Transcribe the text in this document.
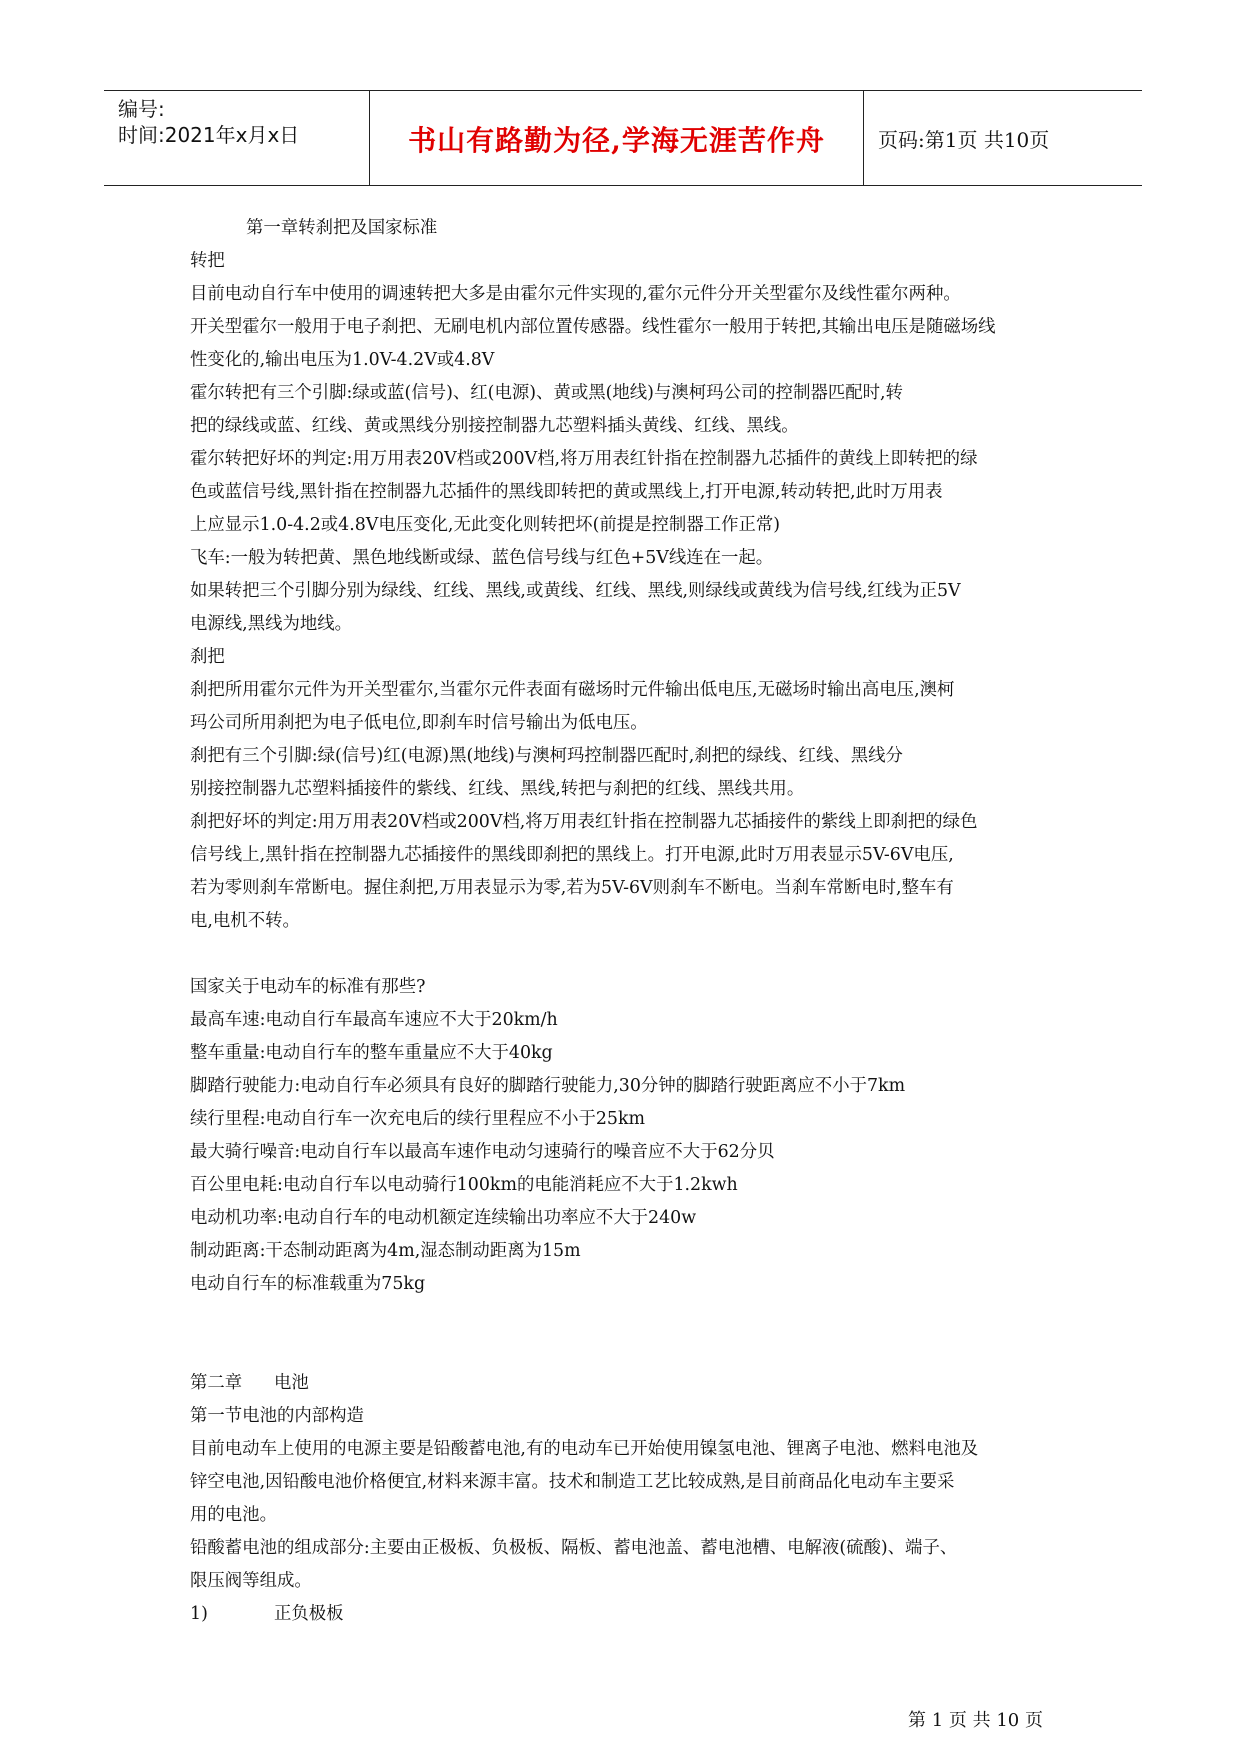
编号:
时间:2021年x月x日	书山有路勤为径,学海无涯苦作舟	页码:第1页 共10页
第一章转刹把及国家标准
转把
目前电动自行车中使用的调速转把大多是由霍尔元件实现的,霍尔元件分开关型霍尔及线性霍尔两种。
开关型霍尔一般用于电子刹把、无刷电机内部位置传感器。线性霍尔一般用于转把,其输出电压是随磁场线
性变化的,输出电压为1.0V-4.2V或4.8V
霍尔转把有三个引脚:绿或蓝(信号)、红(电源)、黄或黑(地线)与澳柯玛公司的控制器匹配时,转
把的绿线或蓝、红线、黄或黑线分别接控制器九芯塑料插头黄线、红线、黑线。
霍尔转把好坏的判定:用万用表20V档或200V档,将万用表红针指在控制器九芯插件的黄线上即转把的绿
色或蓝信号线,黑针指在控制器九芯插件的黑线即转把的黄或黑线上,打开电源,转动转把,此时万用表
上应显示1.0-4.2或4.8V电压变化,无此变化则转把坏(前提是控制器工作正常)
飞车:一般为转把黄、黑色地线断或绿、蓝色信号线与红色+5V线连在一起。
如果转把三个引脚分别为绿线、红线、黑线,或黄线、红线、黑线,则绿线或黄线为信号线,红线为正5V
电源线,黑线为地线。
刹把
刹把所用霍尔元件为开关型霍尔,当霍尔元件表面有磁场时元件输出低电压,无磁场时输出高电压,澳柯
玛公司所用刹把为电子低电位,即刹车时信号输出为低电压。
刹把有三个引脚:绿(信号)红(电源)黑(地线)与澳柯玛控制器匹配时,刹把的绿线、红线、黑线分
别接控制器九芯塑料插接件的紫线、红线、黑线,转把与刹把的红线、黑线共用。
刹把好坏的判定:用万用表20V档或200V档,将万用表红针指在控制器九芯插接件的紫线上即刹把的绿色
信号线上,黑针指在控制器九芯插接件的黑线即刹把的黑线上。打开电源,此时万用表显示5V-6V电压,
若为零则刹车常断电。握住刹把,万用表显示为零,若为5V-6V则刹车不断电。当刹车常断电时,整车有
电,电机不转。
国家关于电动车的标准有那些?
最高车速:电动自行车最高车速应不大于20km/h
整车重量:电动自行车的整车重量应不大于40kg
脚踏行驶能力:电动自行车必须具有良好的脚踏行驶能力,30分钟的脚踏行驶距离应不小于7km
续行里程:电动自行车一次充电后的续行里程应不小于25km
最大骑行噪音:电动自行车以最高车速作电动匀速骑行的噪音应不大于62分贝
百公里电耗:电动自行车以电动骑行100km的电能消耗应不大于1.2kwh
电动机功率:电动自行车的电动机额定连续输出功率应不大于240w
制动距离:干态制动距离为4m,湿态制动距离为15m
电动自行车的标准载重为75kg
第二章 电池
第一节电池的内部构造
目前电动车上使用的电源主要是铅酸蓄电池,有的电动车已开始使用镍氢电池、锂离子电池、燃料电池及
锌空电池,因铅酸电池价格便宜,材料来源丰富。技术和制造工艺比较成熟,是目前商品化电动车主要采
用的电池。
铅酸蓄电池的组成部分:主要由正极板、负极板、隔板、蓄电池盖、蓄电池槽、电解液(硫酸)、端子、
限压阀等组成。
1)	正负极板
第 1 页 共 10 页
